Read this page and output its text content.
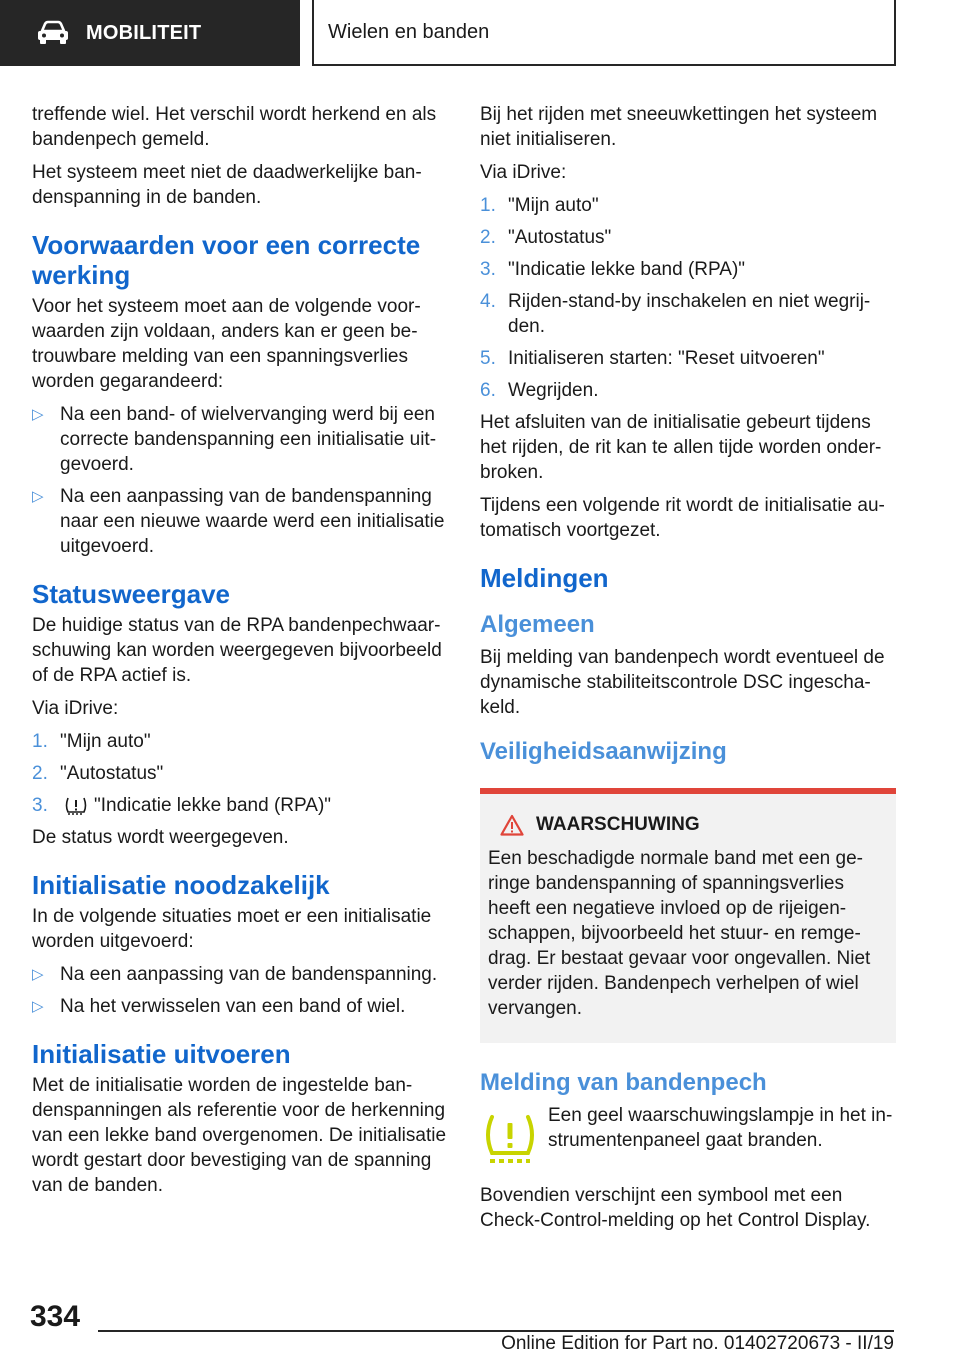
MOBILITEIT	Wielen en banden

treffende wiel. Het verschil wordt herkend en als bandenpech gemeld.

Het systeem meet niet de daadwerkelijke bandenspanning in de banden.

Voorwaarden voor een correcte werking

Voor het systeem moet aan de volgende voorwaarden zijn voldaan, anders kan er geen betrouwbare melding van een spanningsverlies worden gegarandeerd:

▷ Na een band- of wielvervanging werd bij een correcte bandenspanning een initialisatie uitgevoerd.
▷ Na een aanpassing van de bandenspanning naar een nieuwe waarde werd een initialisatie uitgevoerd.
Statusweergave

De huidige status van de RPA bandenpechwaarschuwing kan worden weergegeven bijvoorbeeld of de RPA actief is.

Via iDrive:

1. "Mijn auto"
2. "Autostatus"
3. "Indicatie lekke band (RPA)"

De status wordt weergegeven.

Initialisatie noodzakelijk

In de volgende situaties moet er een initialisatie worden uitgevoerd:

▷ Na een aanpassing van de bandenspanning.
▷ Na het verwisselen van een band of wiel.
Initialisatie uitvoeren

Met de initialisatie worden de ingestelde bandenspanningen als referentie voor de herkenning van een lekke band overgenomen. De initialisatie wordt gestart door bevestiging van de spanning van de banden.

Bij het rijden met sneeuwkettingen het systeem niet initialiseren.

Via iDrive:

1. "Mijn auto"
2. "Autostatus"
3. "Indicatie lekke band (RPA)"
4. Rijden-stand-by inschakelen en niet wegrijden.
5. Initialiseren starten: "Reset uitvoeren"
6. Wegrijden.

Het afsluiten van de initialisatie gebeurt tijdens het rijden, de rit kan te allen tijde worden onderbroken.

Tijdens een volgende rit wordt de initialisatie automatisch voortgezet.

Meldingen
Algemeen

Bij melding van bandenpech wordt eventueel de dynamische stabiliteitscontrole DSC ingeschakeld.

Veiligheidsaanwijzing
WAARSCHUWING
Een beschadigde normale band met een geringe bandenspanning of spanningsverlies heeft een negatieve invloed op de rijeigenschappen, bijvoorbeeld het stuur- en remgedrag. Er bestaat gevaar voor ongevallen. Niet verder rijden. Bandenpech verhelpen of wiel vervangen.
Melding van bandenpech

Een geel waarschuwingslampje in het instrumentenpaneel gaat branden.

Bovendien verschijnt een symbool met een Check-Control-melding op het Control Display.

334
Online Edition for Part no. 01402720673 - II/19
